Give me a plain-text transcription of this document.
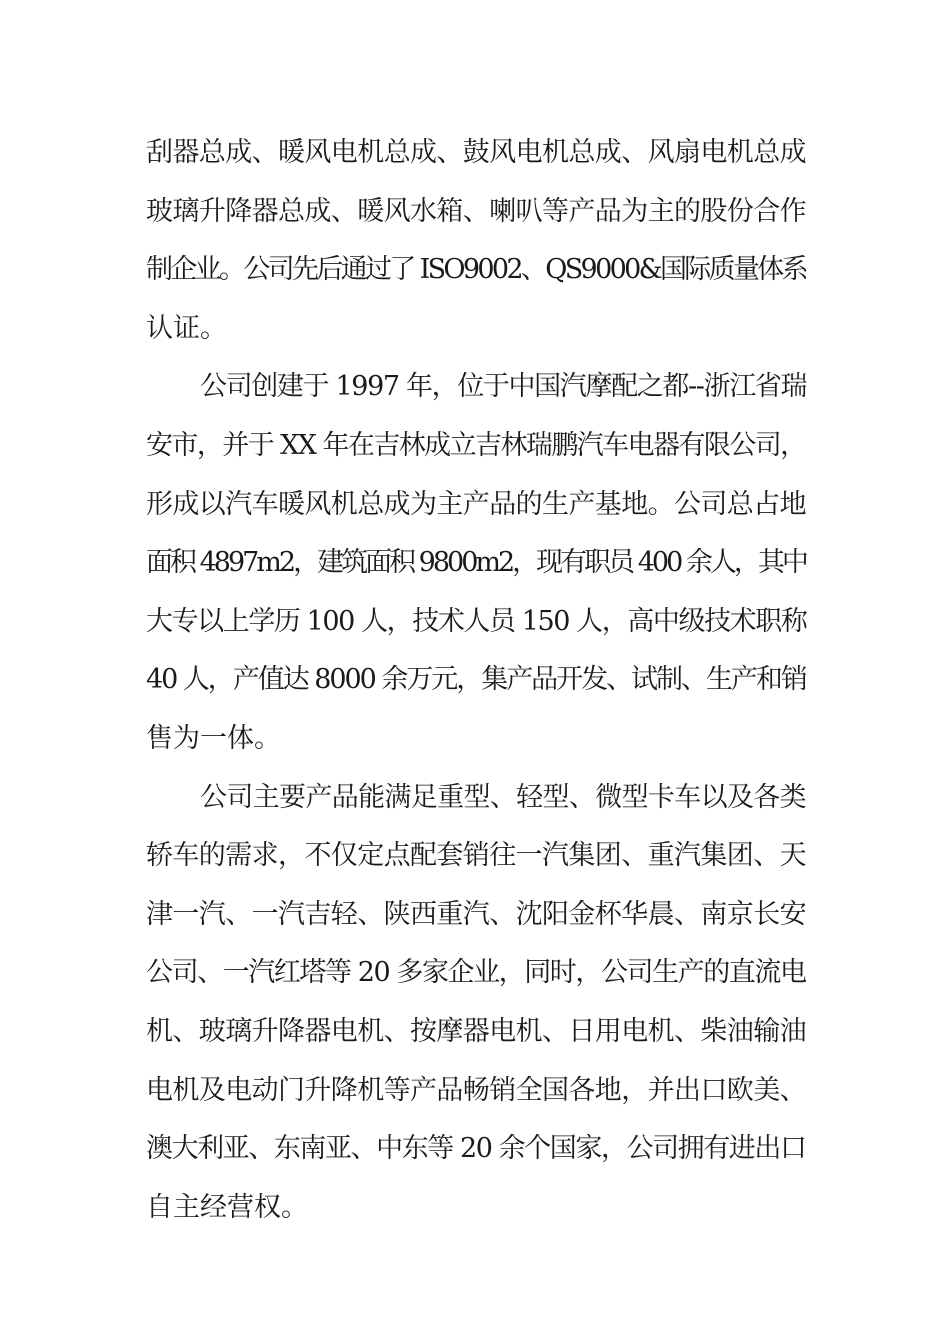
刮器总成、暖风电机总成、鼓风电机总成、风扇电机总成
玻璃升降器总成、暖风水箱、喇叭等产品为主的股份合作
制企业。公司先后通过了 ISO9002、QS9000&国际质量体系
认证。
公司创建于 1997 年，位于中国汽摩配之都--浙江省瑞
安市，并于 XX 年在吉林成立吉林瑞鹏汽车电器有限公司，
形成以汽车暖风机总成为主产品的生产基地。公司总占地
面积 4897m2，建筑面积 9800m2，现有职员 400 余人，其中
大专以上学历 100 人，技术人员 150 人，高中级技术职称
40 人，产值达 8000 余万元，集产品开发、试制、生产和销
售为一体。
公司主要产品能满足重型、轻型、微型卡车以及各类
轿车的需求，不仅定点配套销往一汽集团、重汽集团、天
津一汽、一汽吉轻、陕西重汽、沈阳金杯华晨、南京长安
公司、一汽红塔等 20 多家企业，同时，公司生产的直流电
机、玻璃升降器电机、按摩器电机、日用电机、柴油输油
电机及电动门升降机等产品畅销全国各地，并出口欧美、
澳大利亚、东南亚、中东等 20 余个国家，公司拥有进出口
自主经营权。
